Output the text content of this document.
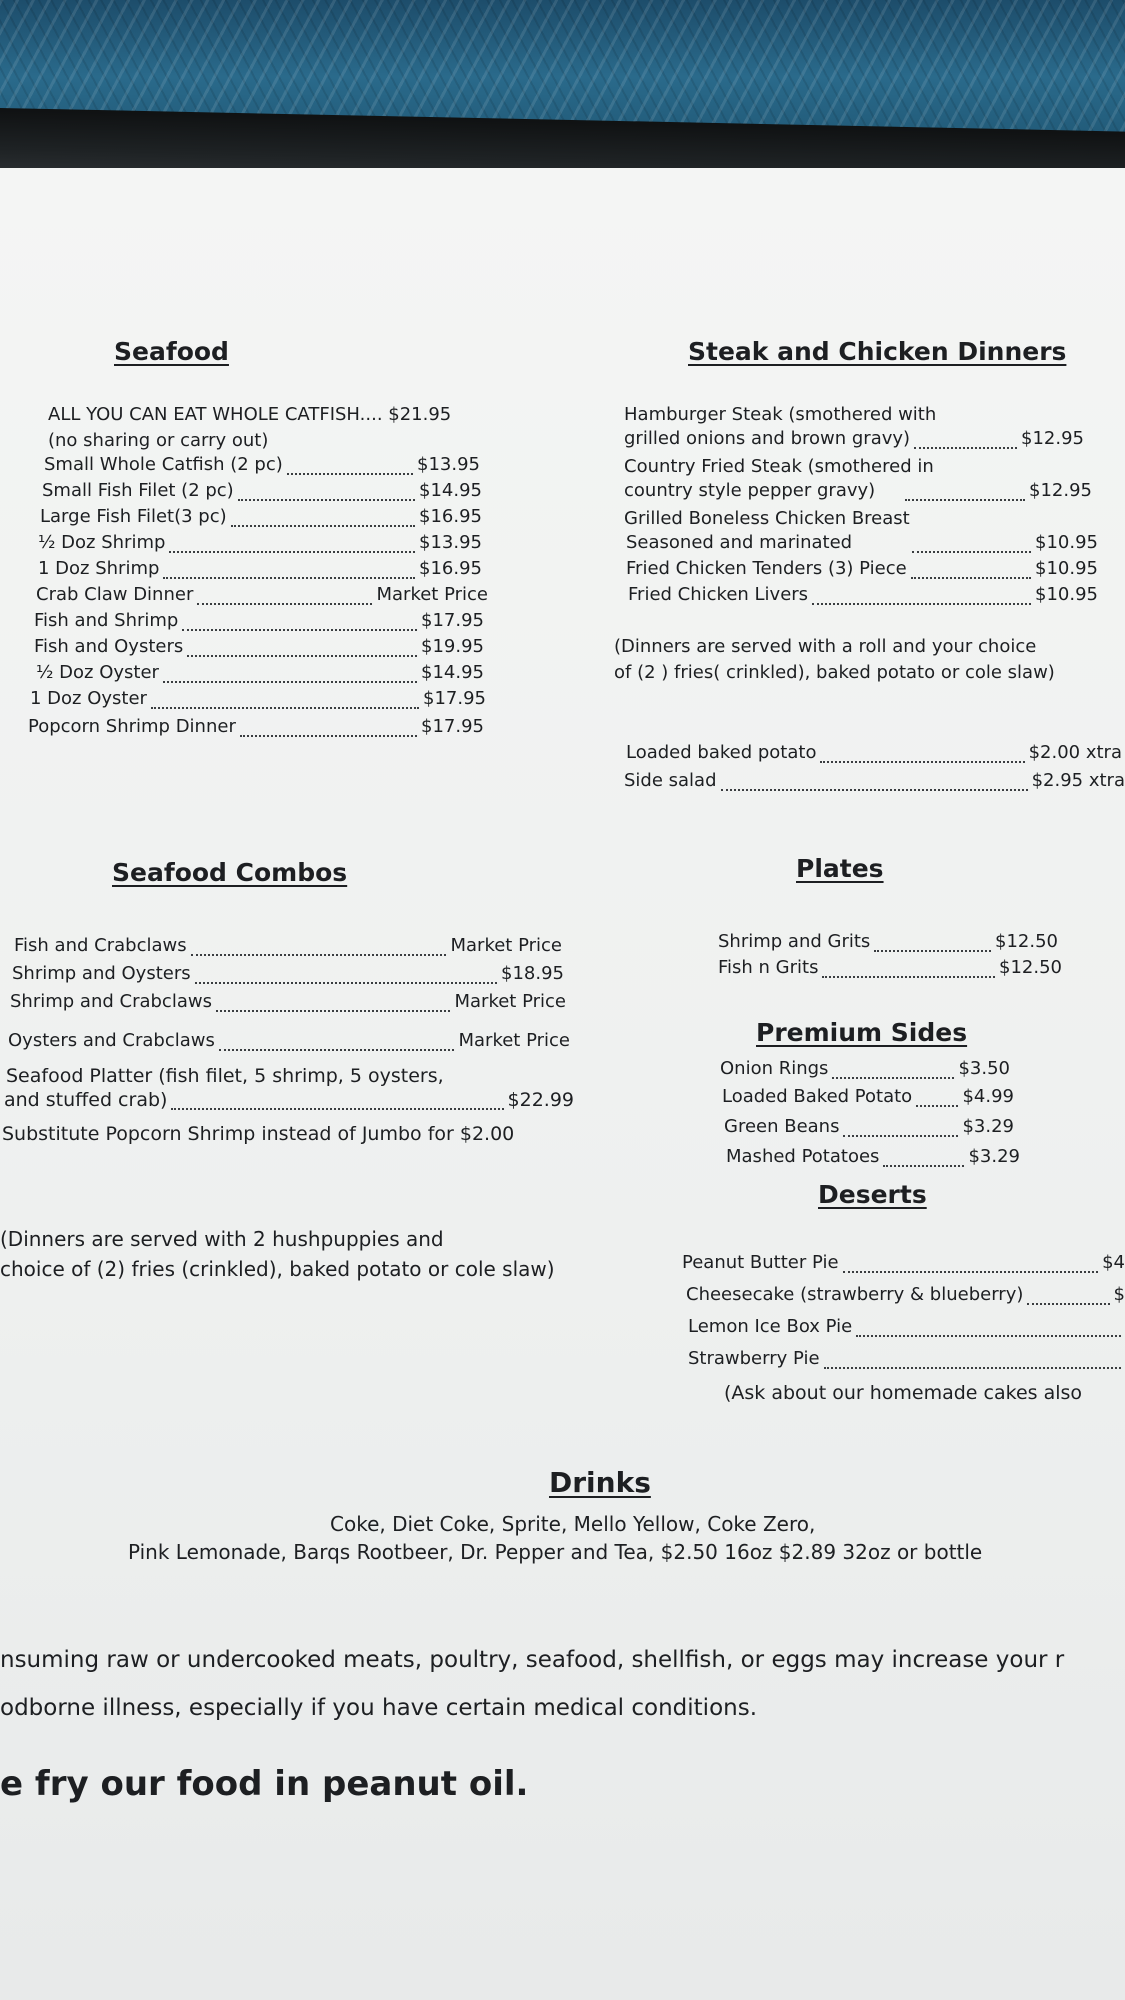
Seafood
ALL YOU CAN EAT WHOLE CATFISH.... $21.95
(no sharing or carry out)
Small Whole Catfish (2 pc)	$13.95
Small Fish Filet (2 pc)	$14.95
Large Fish Filet(3 pc)	$16.95
½ Doz Shrimp	$13.95
1 Doz Shrimp	$16.95
Crab Claw Dinner	Market Price
Fish and Shrimp	$17.95
Fish and Oysters	$19.95
½ Doz Oyster	$14.95
1 Doz Oyster	$17.95
Popcorn Shrimp Dinner	$17.95
Steak and Chicken Dinners
Hamburger Steak (smothered with
grilled onions and brown gravy)	$12.95
Country Fried Steak (smothered in
country style pepper gravy)	$12.95
Grilled Boneless Chicken Breast
Seasoned and marinated	$10.95
Fried Chicken Tenders (3) Piece	$10.95
Fried Chicken Livers	$10.95
(Dinners are served with a roll and your choice
of (2 ) fries( crinkled), baked potato or cole slaw)
Loaded baked potato	$2.00 xtra
Side salad	$2.95 xtra
Seafood Combos
Fish and Crabclaws	Market Price
Shrimp and Oysters	$18.95
Shrimp and Crabclaws	Market Price
Oysters and Crabclaws	Market Price
Seafood Platter (fish filet, 5 shrimp, 5 oysters,
and stuffed crab)	$22.99
Substitute Popcorn Shrimp instead of Jumbo for $2.00
(Dinners are served with 2 hushpuppies and
choice of (2) fries (crinkled), baked potato or cole slaw)
Plates
Shrimp and Grits	$12.50
Fish n Grits	$12.50
Premium Sides
Onion Rings	$3.50
Loaded Baked Potato	$4.99
Green Beans	$3.29
Mashed Potatoes	$3.29
Deserts
Peanut Butter Pie	$4
Cheesecake (strawberry & blueberry)	$
Lemon Ice Box Pie
Strawberry Pie
(Ask about our homemade cakes also
Drinks
Coke, Diet Coke, Sprite, Mello Yellow, Coke Zero,
Pink Lemonade, Barqs Rootbeer, Dr. Pepper and Tea, $2.50 16oz $2.89 32oz or bottle
nsuming raw or undercooked meats, poultry, seafood, shellfish, or eggs may increase your r
odborne illness, especially if you have certain medical conditions.
e fry our food in peanut oil.
